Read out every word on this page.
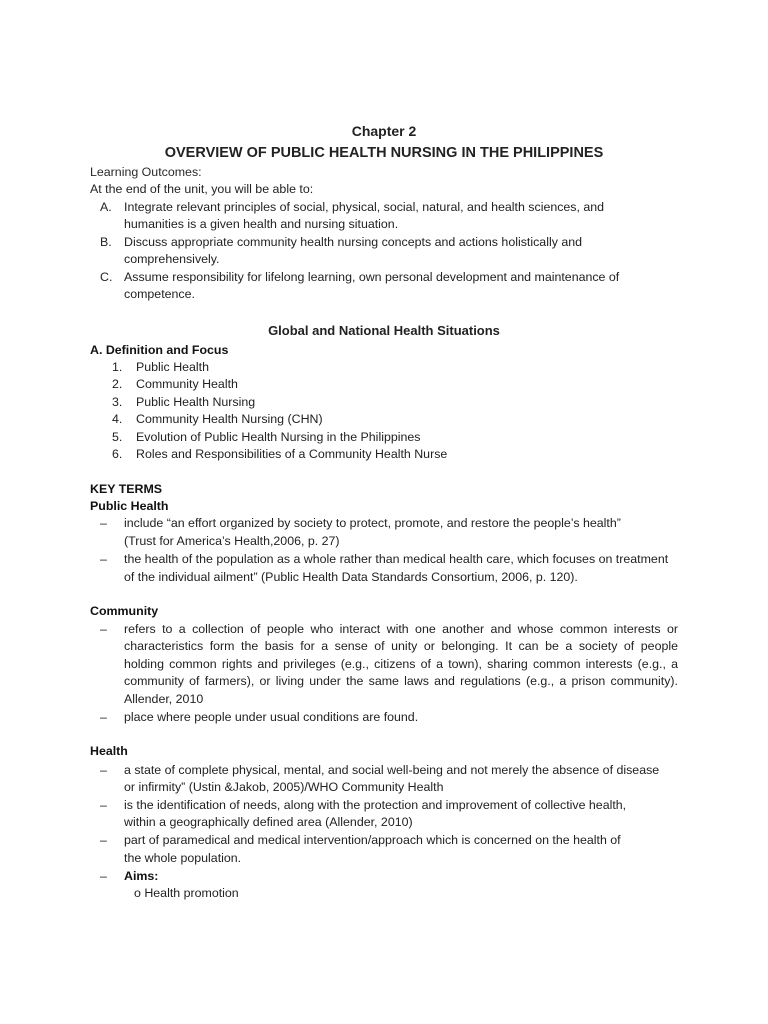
Chapter 2

OVERVIEW OF PUBLIC HEALTH NURSING IN THE PHILIPPINES

Learning Outcomes:

At the end of the unit, you will be able to:

A. Integrate relevant principles of social, physical, social, natural, and health sciences, and

humanities is a given health and nursing situation.

B. Discuss appropriate community health nursing concepts and actions holistically and

comprehensively.

C. Assume responsibility for lifelong learning, own personal development and maintenance of

competence.

Global and National Health Situations

A. Definition and Focus

1. Public Health

2. Community Health

3. Public Health Nursing

4. Community Health Nursing (CHN)

5. Evolution of Public Health Nursing in the Philippines

6. Roles and Responsibilities of a Community Health Nurse

KEY TERMS

Public Health

– include “an effort organized by society to protect, promote, and restore the people’s health”

(Trust for America’s Health,2006, p. 27)

– the health of the population as a whole rather than medical health care, which focuses on treatment

of the individual ailment” (Public Health Data Standards Consortium, 2006, p. 120).

Community

– refers to a collection of people who interact with one another and whose common interests or

characteristics form the basis for a sense of unity or belonging. It can be a society of people

holding common rights and privileges (e.g., citizens of a town), sharing common interests (e.g., a

community of farmers), or living under the same laws and regulations (e.g., a prison community).

Allender, 2010

– place where people under usual conditions are found.

Health

– a state of complete physical, mental, and social well-being and not merely the absence of disease

or infirmity” (Ustin &Jakob, 2005)/WHO Community Health

– is the identification of needs, along with the protection and improvement of collective health,

within a geographically defined area (Allender, 2010)

– part of paramedical and medical intervention/approach which is concerned on the health of

the whole population.

– Aims:

o Health promotion
